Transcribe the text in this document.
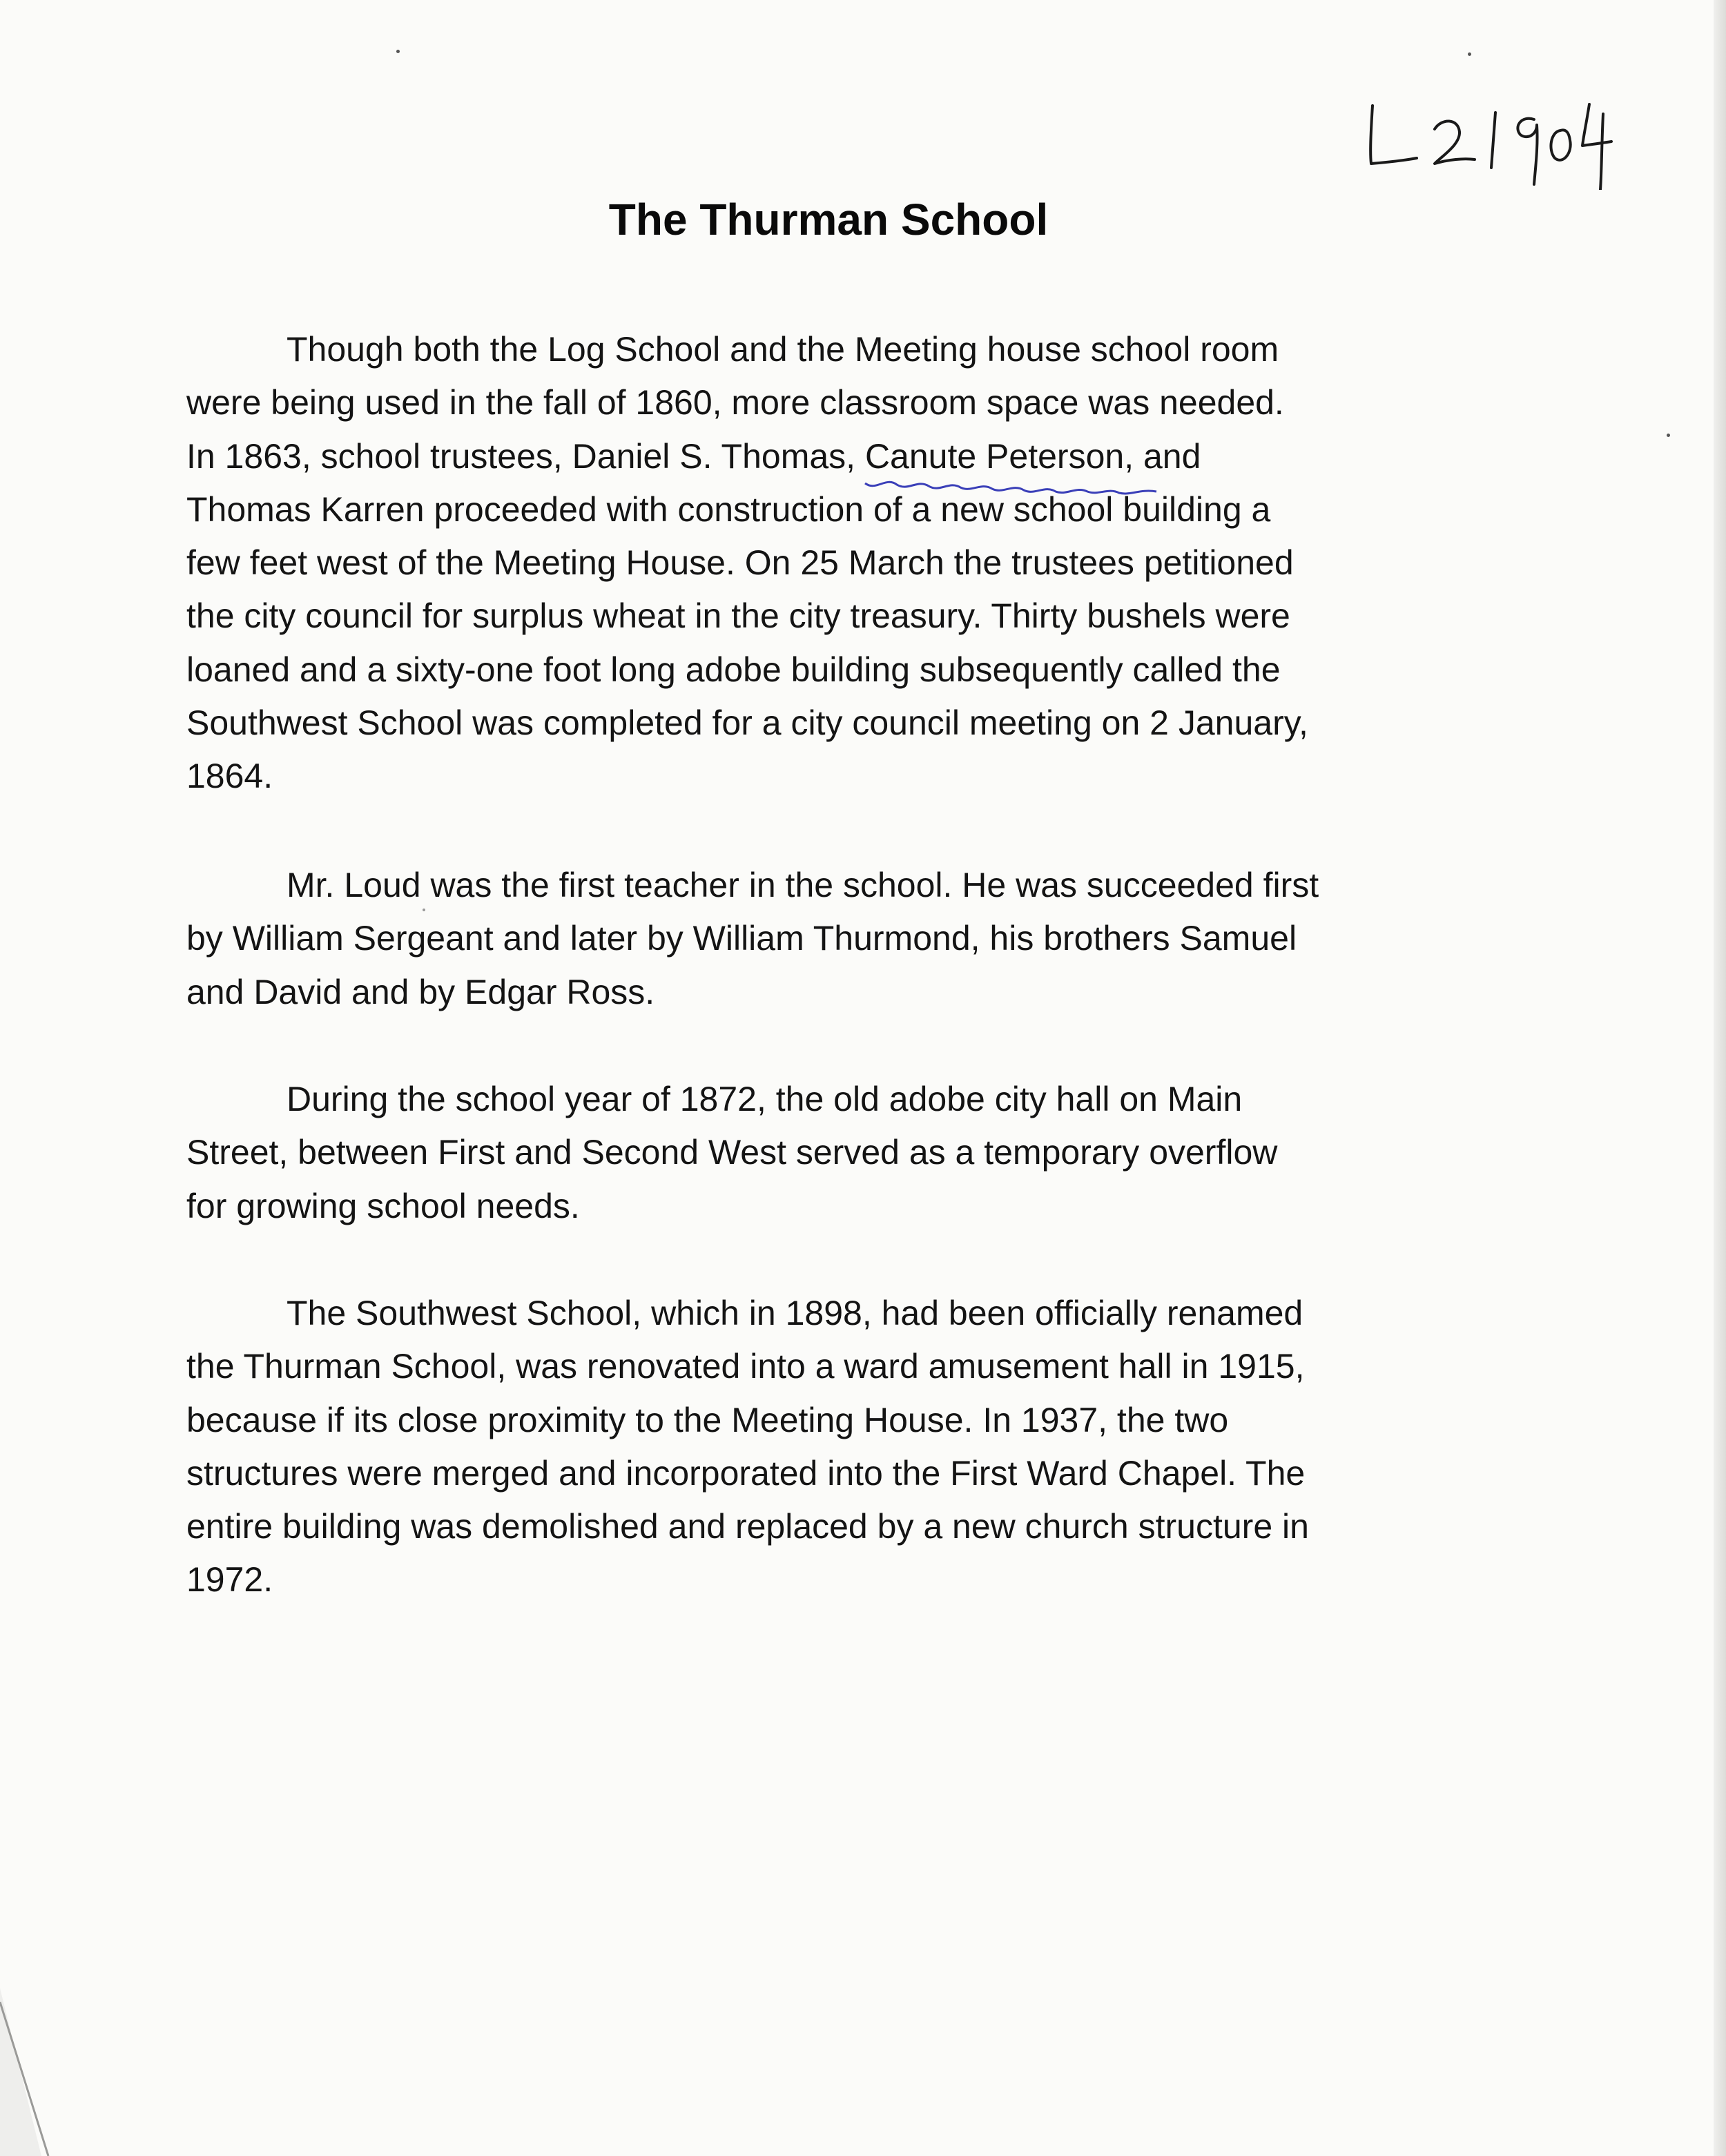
The Thurman School
Though both the Log School and the Meeting house school room
were being used in the fall of 1860, more classroom space was needed.
In 1863, school trustees, Daniel S. Thomas, Canute Peterson
, and
Thomas Karren proceeded with construction of a new school building a
few feet west of the Meeting House. On 25 March the trustees petitioned
the city council for surplus wheat in the city treasury. Thirty bushels were
loaned and a sixty-one foot long adobe building subsequently called the
Southwest School was completed for a city council meeting on 2 January,
1864.
Mr. Loud was the first teacher in the school. He was succeeded first
by William Sergeant and later by William Thurmond, his brothers Samuel
and David and by Edgar Ross.
During the school year of 1872, the old adobe city hall on Main
Street, between First and Second West served as a temporary overflow
for growing school needs.
The Southwest School, which in 1898, had been officially renamed
the Thurman School, was renovated into a ward amusement hall in 1915,
because if its close proximity to the Meeting House. In 1937, the two
structures were merged and incorporated into the First Ward Chapel. The
entire building was demolished and replaced by a new church structure in
1972.
